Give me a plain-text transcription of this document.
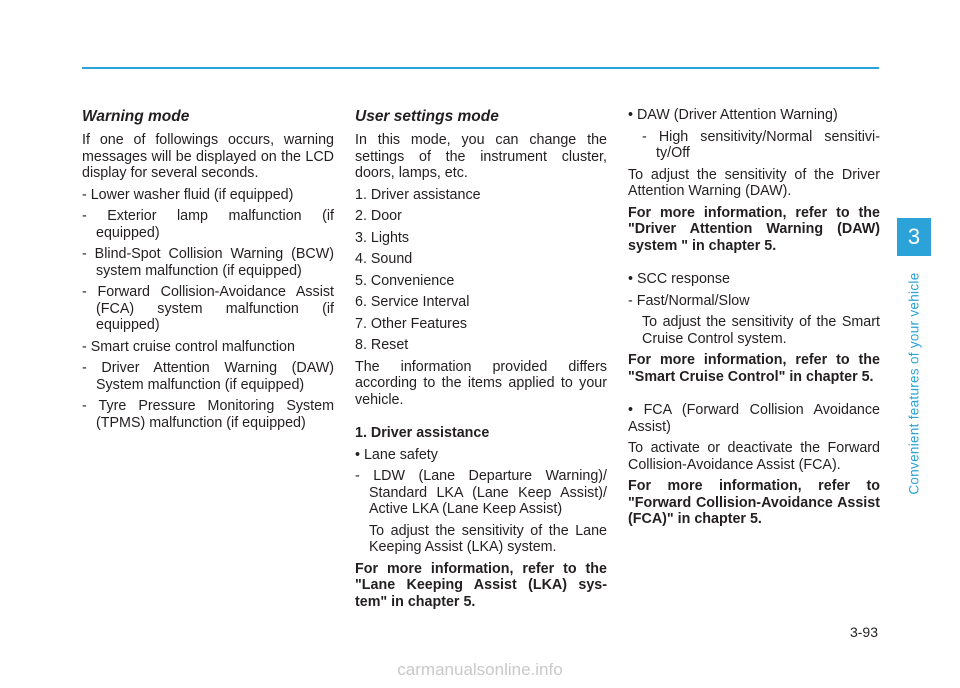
Warning mode

If one of followings occurs, warning messages will be displayed on the LCD display for several seconds.

- Lower washer fluid (if equipped)

- Exterior lamp malfunction (if equipped)

- Blind-Spot Collision Warning (BCW) system malfunction (if equipped)

- Forward Collision-Avoidance Assist (FCA) system malfunction (if equipped)

- Smart cruise control malfunction

- Driver Attention Warning (DAW) System malfunction (if equipped)

- Tyre Pressure Monitoring System (TPMS) malfunction (if equipped)

User settings mode

In this mode, you can change the settings of the instrument cluster, doors, lamps, etc.

1. Driver assistance

2. Door

3. Lights

4. Sound

5. Convenience

6. Service Interval

7. Other Features

8. Reset

The information provided differs according to the items applied to your vehicle.

1. Driver assistance

• Lane safety

- LDW (Lane Departure Warning)/ Standard LKA (Lane Keep Assist)/ Active LKA (Lane Keep Assist)

To adjust the sensitivity of the Lane Keeping Assist (LKA) system.

For more information, refer to the "Lane Keeping Assist (LKA) sys-tem" in chapter 5.

• DAW (Driver Attention Warning)

- High sensitivity/Normal sensitivi-ty/Off

To adjust the sensitivity of the Driver Attention Warning (DAW).

For more information, refer to the "Driver Attention Warning (DAW) system " in chapter 5.

• SCC response

- Fast/Normal/Slow

To adjust the sensitivity of the Smart Cruise Control system.

For more information, refer to the "Smart Cruise Control" in chapter 5.

• FCA (Forward Collision Avoidance Assist)

To activate or deactivate the Forward Collision-Avoidance Assist (FCA).

For more information, refer to "Forward Collision-Avoidance Assist (FCA)" in chapter 5.

3
Convenient features of your vehicle
3-93
carmanualsonline.info
